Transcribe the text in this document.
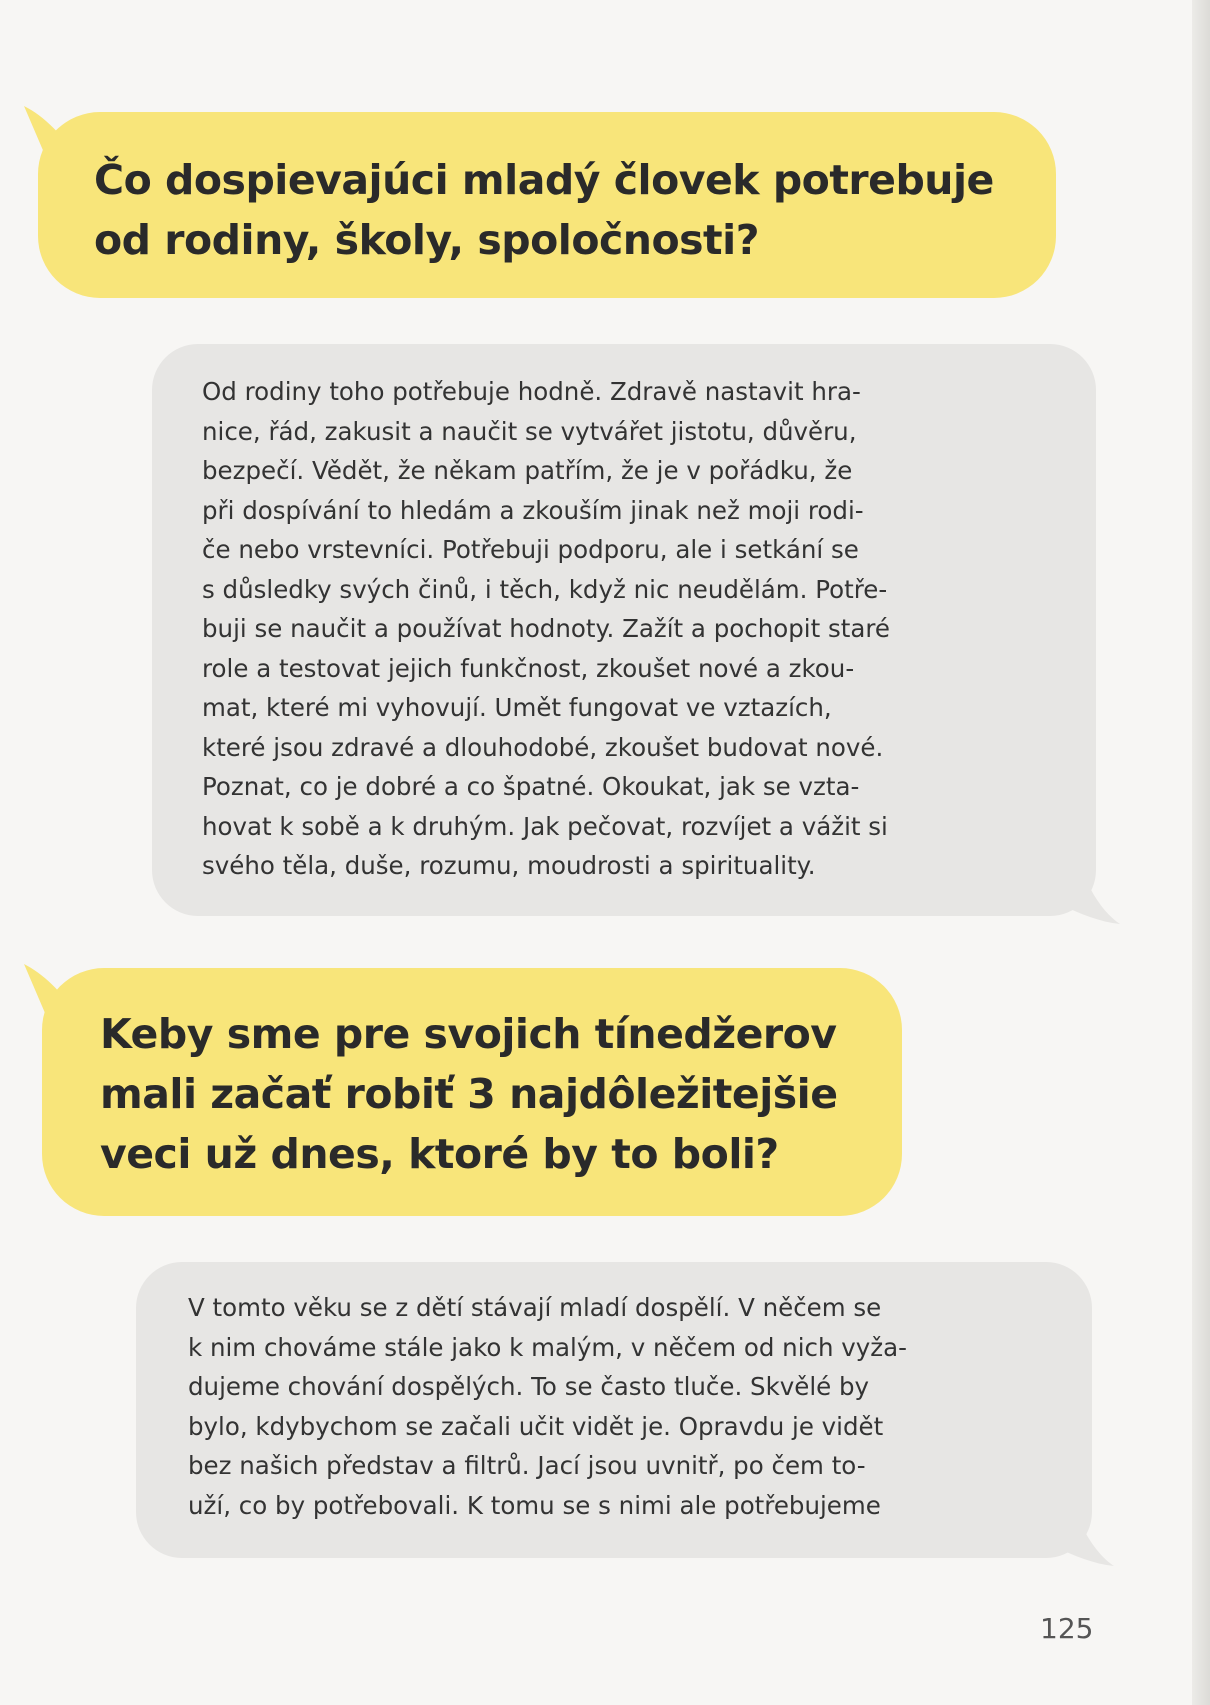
Čo dospievajúci mladý človek potrebuje
od rodiny, školy, spoločnosti?
Od rodiny toho potřebuje hodně. Zdravě nastavit hra-
nice, řád, zakusit a naučit se vytvářet jistotu, důvěru,
bezpečí. Vědět, že někam patřím, že je v pořádku, že
při dospívání to hledám a zkouším jinak než moji rodi-
če nebo vrstevníci. Potřebuji podporu, ale i setkání se
s důsledky svých činů, i těch, když nic neudělám. Potře-
buji se naučit a používat hodnoty. Zažít a pochopit staré
role a testovat jejich funkčnost, zkoušet nové a zkou-
mat, které mi vyhovují. Umět fungovat ve vztazích,
které jsou zdravé a dlouhodobé, zkoušet budovat nové.
Poznat, co je dobré a co špatné. Okoukat, jak se vzta-
hovat k sobě a k druhým. Jak pečovat, rozvíjet a vážit si
svého těla, duše, rozumu, moudrosti a spirituality.
Keby sme pre svojich tínedžerov
mali začať robiť 3 najdôležitejšie
veci už dnes, ktoré by to boli?
V tomto věku se z dětí stávají mladí dospělí. V něčem se
k nim chováme stále jako k malým, v něčem od nich vyža-
dujeme chování dospělých. To se často tluče. Skvělé by
bylo, kdybychom se začali učit vidět je. Opravdu je vidět
bez našich představ a filtrů. Jací jsou uvnitř, po čem to-
uží, co by potřebovali. K tomu se s nimi ale potřebujeme
125
